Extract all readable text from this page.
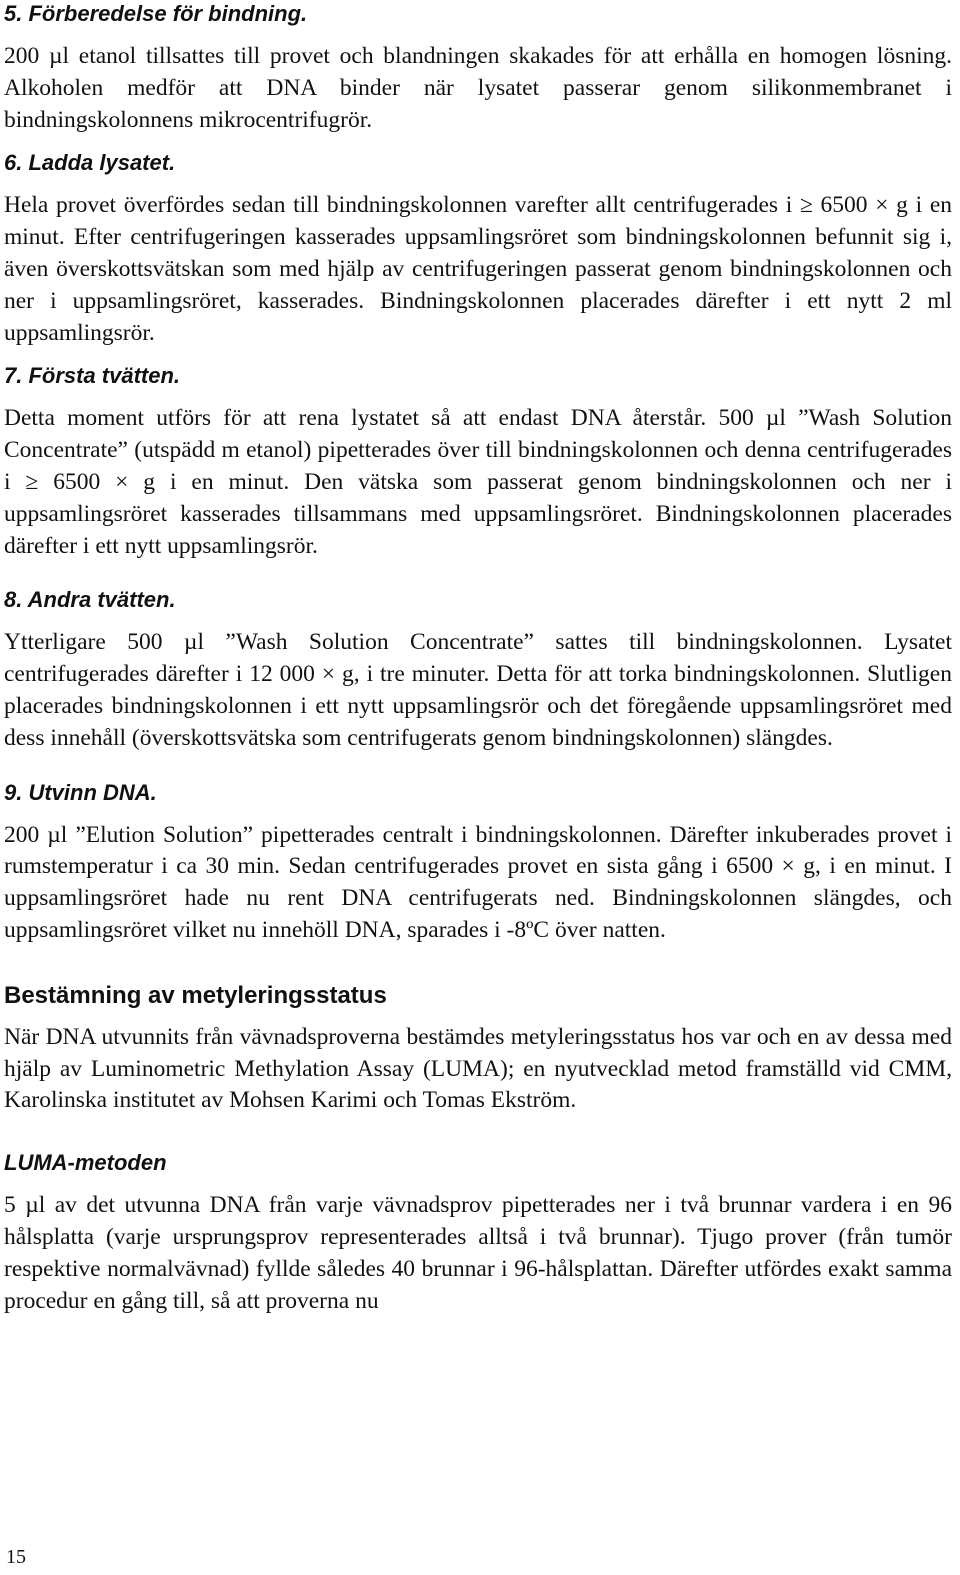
5. Förberedelse för bindning.

200 µl etanol tillsattes till provet och blandningen skakades för att erhålla en homogen lösning. Alkoholen medför att DNA binder när lysatet passerar genom silikonmembranet i bindningskolonnens mikrocentrifugrör.

6. Ladda lysatet.

Hela provet överfördes sedan till bindningskolonnen varefter allt centrifugerades i ≥ 6500 × g i en minut. Efter centrifugeringen kasserades uppsamlingsröret som bindningskolonnen befunnit sig i, även överskottsvätskan som med hjälp av centrifugeringen passerat genom bindningskolonnen och ner i uppsamlingsröret, kasserades. Bindningskolonnen placerades därefter i ett nytt 2 ml uppsamlingsrör.

7. Första tvätten.

Detta moment utförs för att rena lystatet så att endast DNA återstår. 500 µl ”Wash Solution Concentrate” (utspädd m etanol) pipetterades över till bindningskolonnen och denna centrifugerades i ≥ 6500 × g i en minut. Den vätska som passerat genom bindningskolonnen och ner i uppsamlingsröret kasserades tillsammans med uppsamlingsröret. Bindningskolonnen placerades därefter i ett nytt uppsamlingsrör.

8. Andra tvätten.

Ytterligare 500 µl ”Wash Solution Concentrate” sattes till bindningskolonnen. Lysatet centrifugerades därefter i 12 000 × g, i tre minuter. Detta för att torka bindningskolonnen. Slutligen placerades bindningskolonnen i ett nytt uppsamlingsrör och det föregående uppsamlingsröret med dess innehåll (överskottsvätska som centrifugerats genom bindningskolonnen) slängdes.

9. Utvinn DNA.

200 µl ”Elution Solution” pipetterades centralt i bindningskolonnen. Därefter inkuberades provet i rumstemperatur i ca 30 min. Sedan centrifugerades provet en sista gång i 6500 × g, i en minut. I uppsamlingsröret hade nu rent DNA centrifugerats ned. Bindningskolonnen slängdes, och uppsamlingsröret vilket nu innehöll DNA, sparades i -8ºC över natten.

Bestämning av metyleringsstatus

När DNA utvunnits från vävnadsproverna bestämdes metyleringsstatus hos var och en av dessa med hjälp av Luminometric Methylation Assay (LUMA); en nyutvecklad metod framställd vid CMM, Karolinska institutet av Mohsen Karimi och Tomas Ekström.

LUMA-metoden

5 µl av det utvunna DNA från varje vävnadsprov pipetterades ner i två brunnar vardera i en 96 hålsplatta (varje ursprungsprov representerades alltså i två brunnar). Tjugo prover (från tumör respektive normalvävnad) fyllde således 40 brunnar i 96-hålsplattan. Därefter utfördes exakt samma procedur en gång till, så att proverna nu

15
